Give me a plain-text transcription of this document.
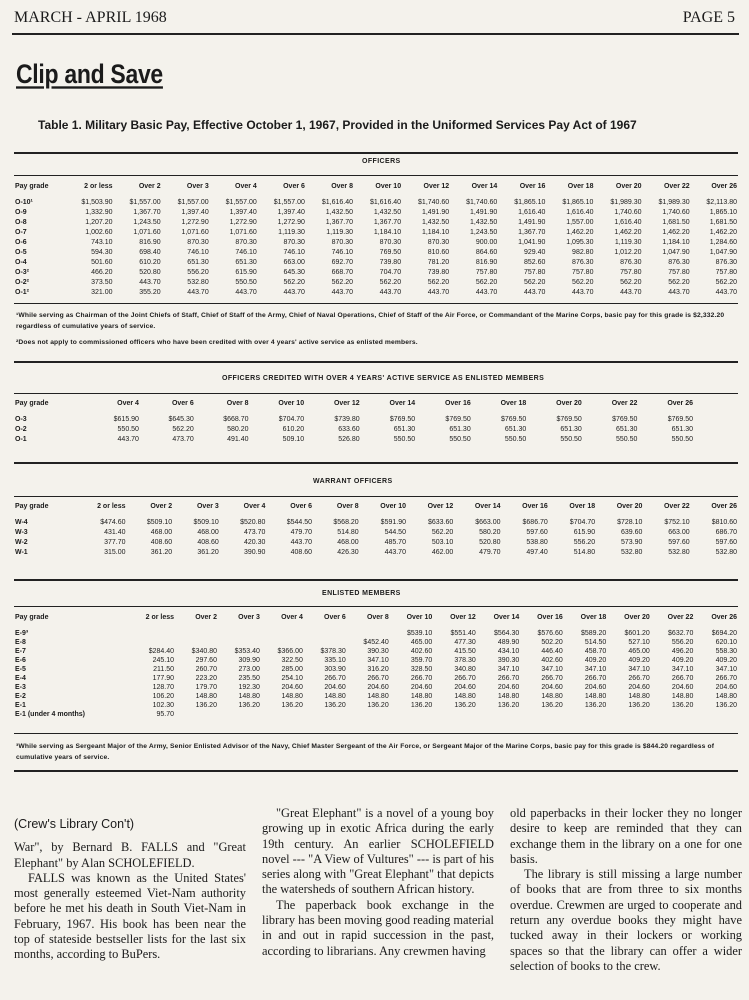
MARCH - APRIL 1968	PAGE 5
Clip and Save
Table 1. Military Basic Pay, Effective October 1, 1967, Provided in the Uniformed Services Pay Act of 1967
OFFICERS
Pay grade	2 or less	Over 2	Over 3	Over 4	Over 6	Over 8	Over 10	Over 12	Over 14	Over 16	Over 18	Over 20	Over 22	Over 26

O-10¹	$1,503.90	$1,557.00	$1,557.00	$1,557.00	$1,557.00	$1,616.40	$1,616.40	$1,740.60	$1,740.60	$1,865.10	$1,865.10	$1,989.30	$1,989.30	$2,113.80
O-9	1,332.90	1,367.70	1,397.40	1,397.40	1,397.40	1,432.50	1,432.50	1,491.90	1,491.90	1,616.40	1,616.40	1,740.60	1,740.60	1,865.10
O-8	1,207.20	1,243.50	1,272.90	1,272.90	1,272.90	1,367.70	1,367.70	1,432.50	1,432.50	1,491.90	1,557.00	1,616.40	1,681.50	1,681.50
O-7	1,002.60	1,071.60	1,071.60	1,071.60	1,119.30	1,119.30	1,184.10	1,184.10	1,243.50	1,367.70	1,462.20	1,462.20	1,462.20	1,462.20
O-6	743.10	816.90	870.30	870.30	870.30	870.30	870.30	870.30	900.00	1,041.90	1,095.30	1,119.30	1,184.10	1,284.60
O-5	594.30	698.40	746.10	746.10	746.10	746.10	769.50	810.60	864.60	929.40	982.80	1,012.20	1,047.90	1,047.90
O-4	501.60	610.20	651.30	651.30	663.00	692.70	739.80	781.20	816.90	852.60	876.30	876.30	876.30	876.30
O-3²	466.20	520.80	556.20	615.90	645.30	668.70	704.70	739.80	757.80	757.80	757.80	757.80	757.80	757.80
O-2²	373.50	443.70	532.80	550.50	562.20	562.20	562.20	562.20	562.20	562.20	562.20	562.20	562.20	562.20
O-1²	321.00	355.20	443.70	443.70	443.70	443.70	443.70	443.70	443.70	443.70	443.70	443.70	443.70	443.70
¹While serving as Chairman of the Joint Chiefs of Staff, Chief of Staff of the Army, Chief of Naval Operations, Chief of Staff of the Air Force, or Commandant of the Marine Corps, basic pay for this grade is $2,332.20 regardless of cumulative years of service.
²Does not apply to commissioned officers who have been credited with over 4 years' active service as enlisted members.
OFFICERS CREDITED WITH OVER 4 YEARS' ACTIVE SERVICE AS ENLISTED MEMBERS
Pay grade	Over 4	Over 6	Over 8	Over 10	Over 12	Over 14	Over 16	Over 18	Over 20	Over 22	Over 26

O-3	$615.90	$645.30	$668.70	$704.70	$739.80	$769.50	$769.50	$769.50	$769.50	$769.50	$769.50
O-2	550.50	562.20	580.20	610.20	633.60	651.30	651.30	651.30	651.30	651.30	651.30
O-1	443.70	473.70	491.40	509.10	526.80	550.50	550.50	550.50	550.50	550.50	550.50
WARRANT OFFICERS
Pay grade	2 or less	Over 2	Over 3	Over 4	Over 6	Over 8	Over 10	Over 12	Over 14	Over 16	Over 18	Over 20	Over 22	Over 26

W-4	$474.60	$509.10	$509.10	$520.80	$544.50	$568.20	$591.90	$633.60	$663.00	$686.70	$704.70	$728.10	$752.10	$810.60
W-3	431.40	468.00	468.00	473.70	479.70	514.80	544.50	562.20	580.20	597.60	615.90	639.60	663.00	686.70
W-2	377.70	408.60	408.60	420.30	443.70	468.00	485.70	503.10	520.80	538.80	556.20	573.90	597.60	597.60
W-1	315.00	361.20	361.20	390.90	408.60	426.30	443.70	462.00	479.70	497.40	514.80	532.80	532.80	532.80
ENLISTED MEMBERS
Pay grade	2 or less	Over 2	Over 3	Over 4	Over 6	Over 8	Over 10	Over 12	Over 14	Over 16	Over 18	Over 20	Over 22	Over 26

E-9³							$539.10	$551.40	$564.30	$576.60	$589.20	$601.20	$632.70	$694.20
E-8						$452.40	465.00	477.30	489.90	502.20	514.50	527.10	556.20	620.10
E-7	$284.40	$340.80	$353.40	$366.00	$378.30	390.30	402.60	415.50	434.10	446.40	458.70	465.00	496.20	558.30
E-6	245.10	297.60	309.90	322.50	335.10	347.10	359.70	378.30	390.30	402.60	409.20	409.20	409.20	409.20
E-5	211.50	260.70	273.00	285.00	303.90	316.20	328.50	340.80	347.10	347.10	347.10	347.10	347.10	347.10
E-4	177.90	223.20	235.50	254.10	266.70	266.70	266.70	266.70	266.70	266.70	266.70	266.70	266.70	266.70
E-3	128.70	179.70	192.30	204.60	204.60	204.60	204.60	204.60	204.60	204.60	204.60	204.60	204.60	204.60
E-2	106.20	148.80	148.80	148.80	148.80	148.80	148.80	148.80	148.80	148.80	148.80	148.80	148.80	148.80
E-1	102.30	136.20	136.20	136.20	136.20	136.20	136.20	136.20	136.20	136.20	136.20	136.20	136.20	136.20
E-1 (under 4 months)	95.70													
³While serving as Sergeant Major of the Army, Senior Enlisted Advisor of the Navy, Chief Master Sergeant of the Air Force, or Sergeant Major of the Marine Corps, basic pay for this grade is $844.20 regardless of cumulative years of service.

(Crew's Library Con't)

War", by Bernard B. FALLS and "Great Elephant" by Alan SCHOLEFIELD.

FALLS was known as the United States' most generally esteemed Viet-Nam authority before he met his death in South Viet-Nam in February, 1967. His book has been near the top of stateside bestseller lists for the last six months, according to BuPers.

"Great Elephant" is a novel of a young boy growing up in exotic Africa during the early 19th century. An earlier SCHOLEFIELD novel --- "A View of Vultures" --- is part of his series along with "Great Elephant" that depicts the watersheds of southern African history.

The paperback book exchange in the library has been moving good reading material in and out in rapid succession in the past, according to librarians. Any crewmen having

old paperbacks in their locker they no longer desire to keep are reminded that they can exchange them in the library on a one for one basis.

The library is still missing a large number of books that are from three to six months overdue. Crewmen are urged to cooperate and return any overdue books they might have tucked away in their lockers or working spaces so that the library can offer a wider selection of books to the crew.
